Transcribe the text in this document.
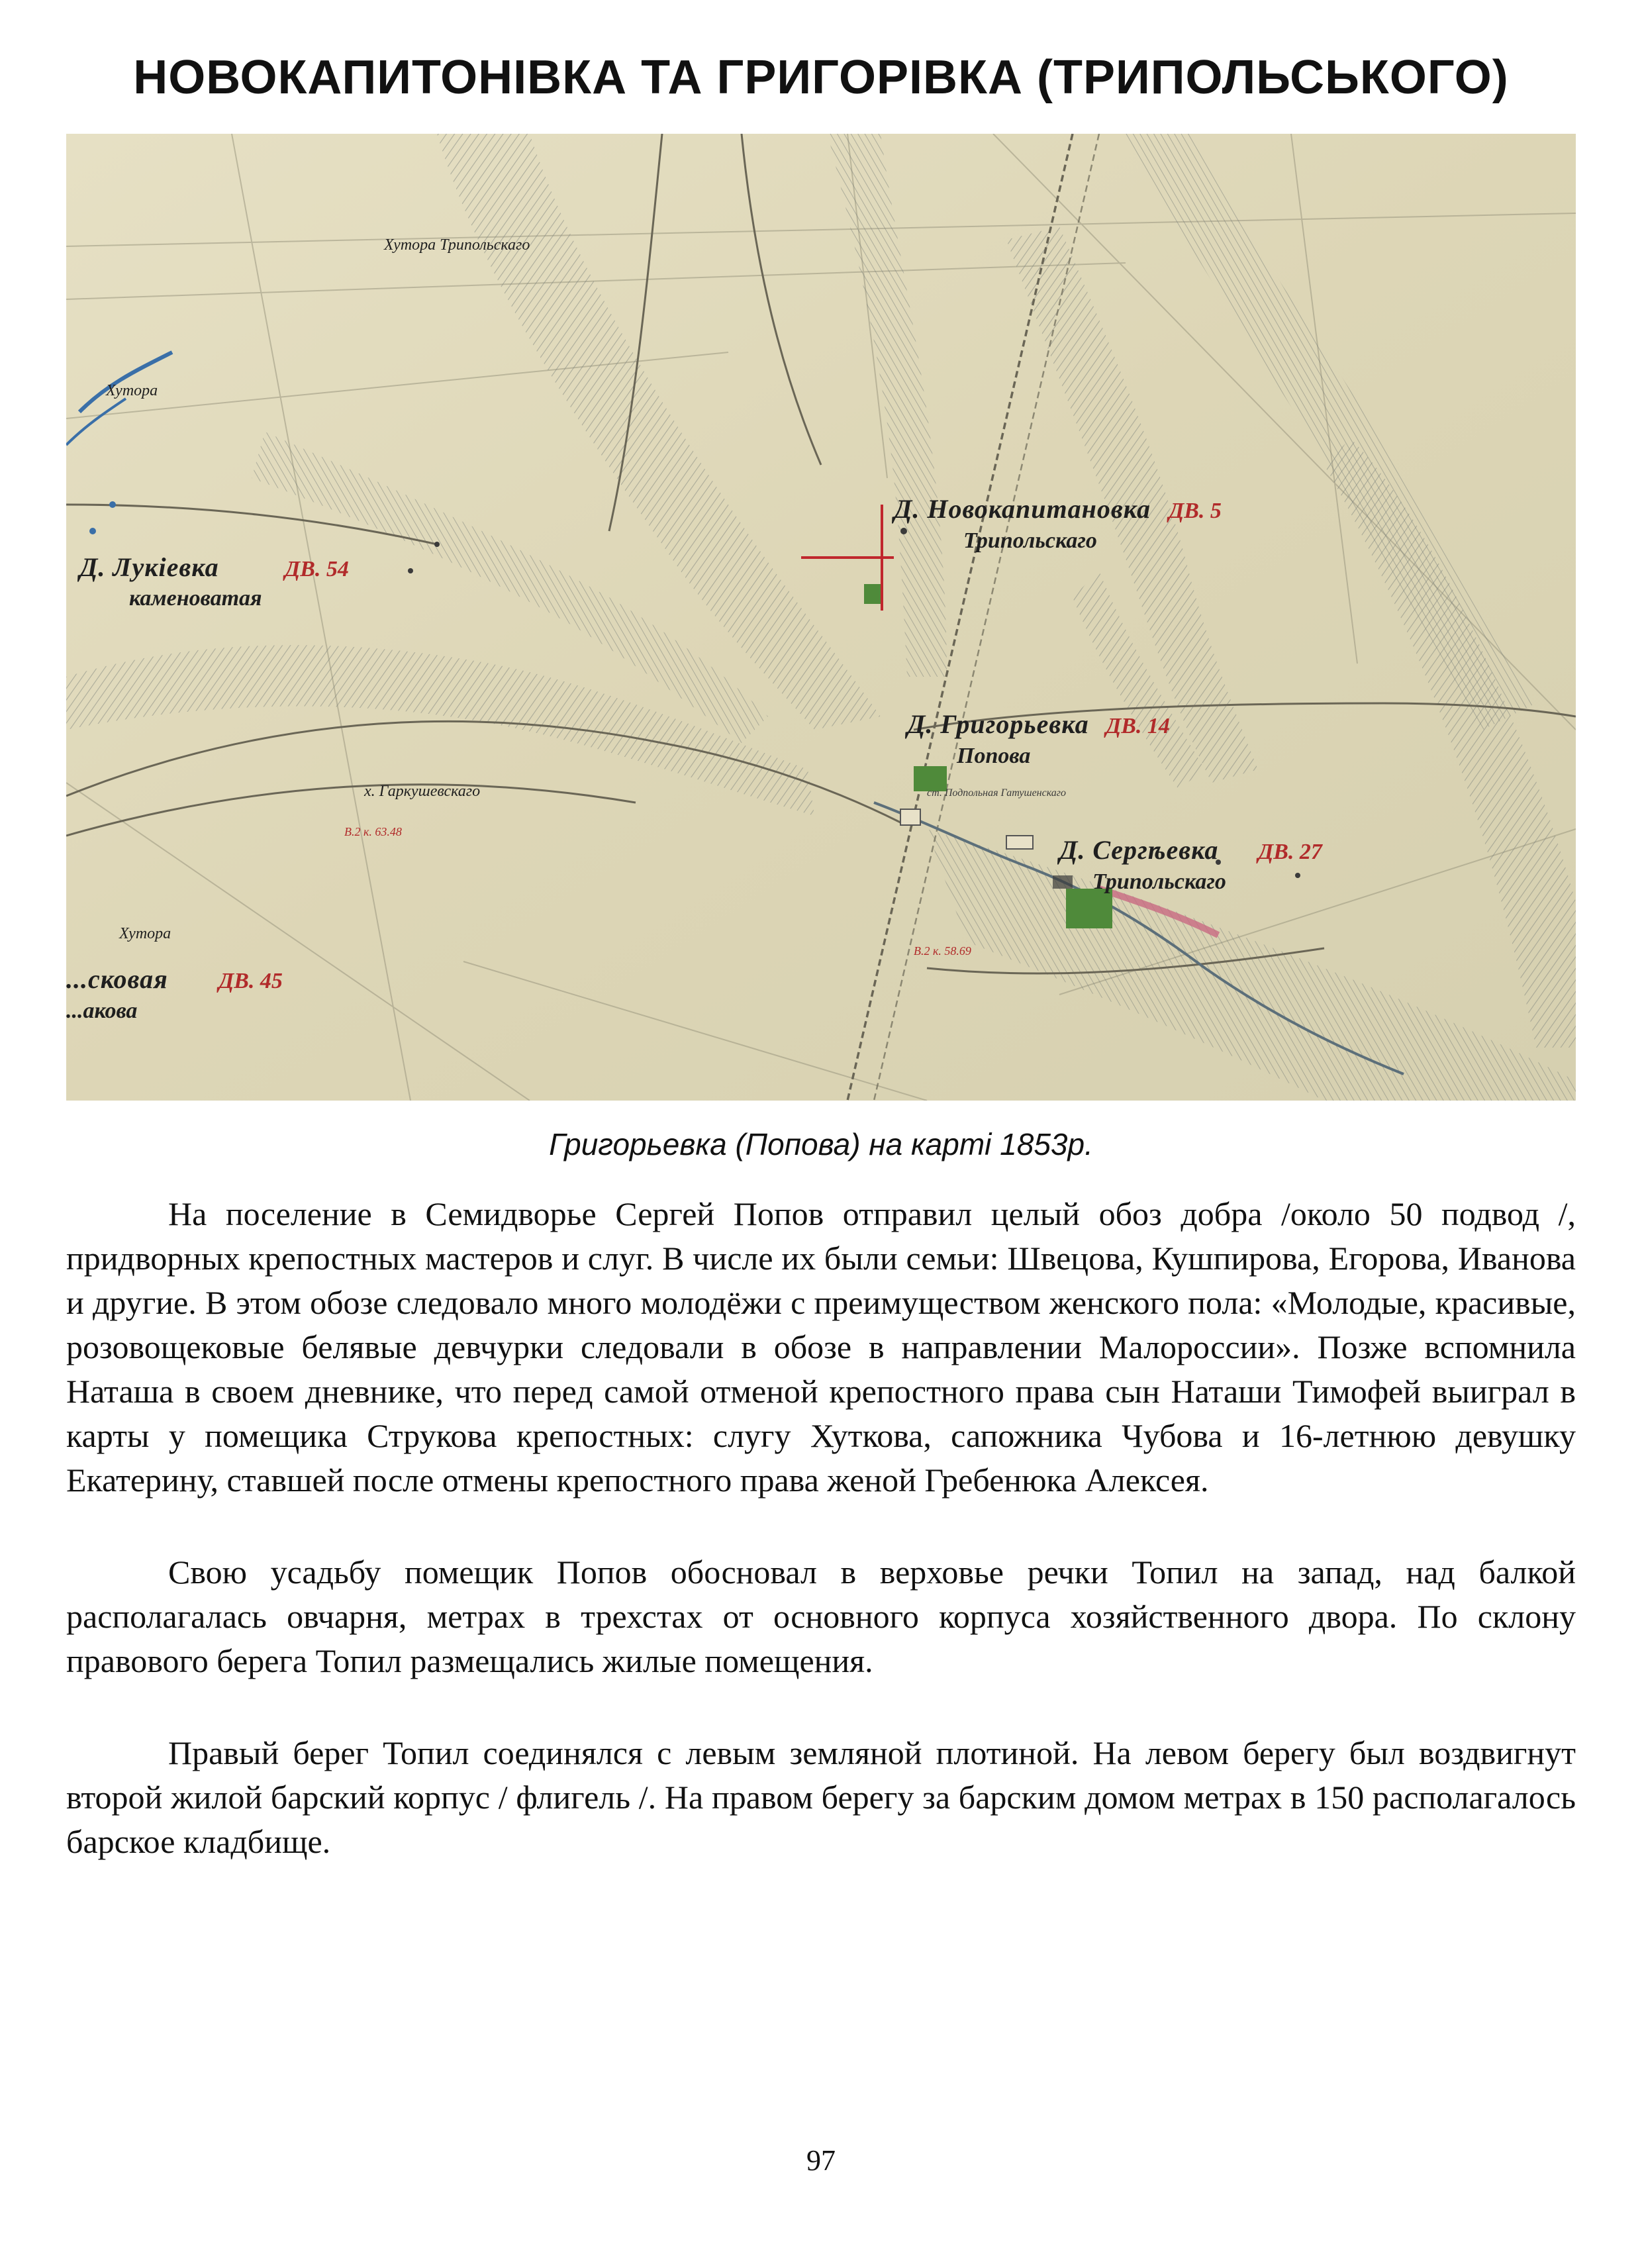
НОВОКАПИТОНІВКА ТА ГРИГОРІВКА (ТРИПОЛЬСЬКОГО)
Хутора Трипольскаго
Хутора
Д. Лукіевка	ДВ. 54
каменоватая
Д. Новокапитановка ДВ. 5
Трипольскаго
Д. Григорьевка ДВ. 14
Попова
ст. Подпольная Гатушенскаго
Д. Сергѣевка ДВ. 27
Трипольскаго
х. Гаркушевскаго
В.2 к. 63.48
В.2 к. 58.69
Хутора
...сковая ДВ. 45
...акова

Григорьевка (Попова) на карті 1853р.

На поселение в Семидворье Сергей Попов отправил целый обоз добра /около 50 подвод /, придворных крепостных мастеров и слуг. В числе их были семьи: Швецова, Кушпирова, Егорова, Иванова и другие. В этом обозе следовало много молодёжи с преимуществом женского пола: «Молодые, красивые, розовощековые белявые девчурки следовали в обозе в направлении Малороссии». Позже вспомнила Наташа в своем дневнике, что перед самой отменой крепостного права сын Наташи Тимофей выиграл в карты у помещика Струкова крепостных: слугу Хуткова, сапожника Чубова и 16-летнюю девушку Екатерину, ставшей после отмены крепостного права женой Гребенюка Алексея.

Свою усадьбу помещик Попов обосновал в верховье речки Топил на запад, над балкой располагалась овчарня, метрах в трехстах от основного корпуса хозяйственного двора. По склону правового берега Топил размещались жилые помещения.

Правый берег Топил соединялся с левым земляной плотиной. На левом берегу был воздвигнут второй жилой барский корпус / флигель /. На правом берегу за барским домом метрах в 150 располагалось барское кладбище.

97
